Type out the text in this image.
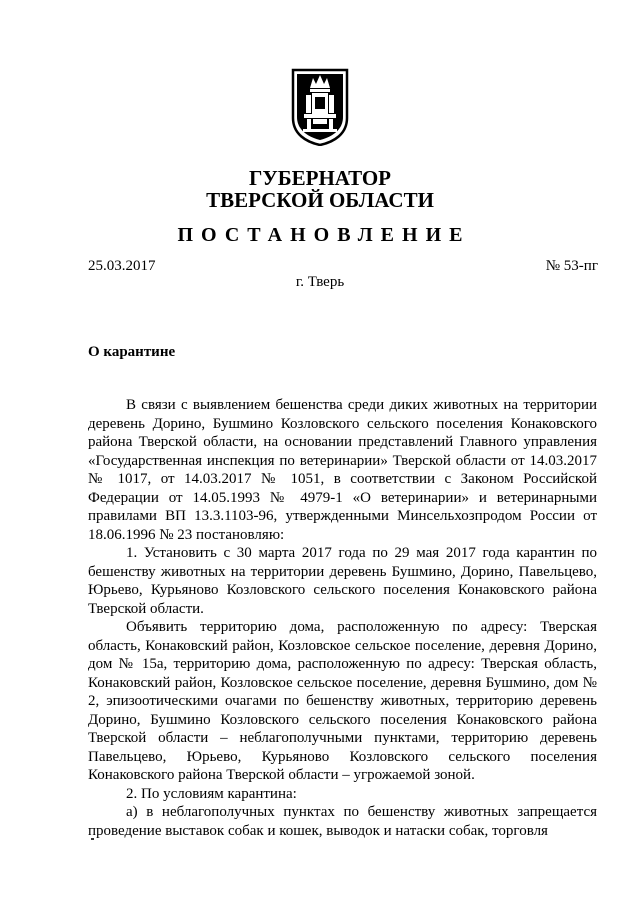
ГУБЕРНАТОР
ТВЕРСКОЙ ОБЛАСТИ
ПОСТАНОВЛЕНИЕ
25.03.2017	№ 53-пг
г. Тверь
О карантине

В связи с выявлением бешенства среди диких животных на территории деревень Дорино, Бушмино Козловского сельского поселения Конаковского района Тверской области, на основании представлений Главного управления «Государственная инспекция по ветеринарии» Тверской области от 14.03.2017 № 1017, от 14.03.2017 № 1051, в соответствии с Законом Российской Федерации от 14.05.1993 № 4979-1 «О ветеринарии» и ветеринарными правилами ВП 13.3.1103-96, утвержденными Минсельхозпродом России от 18.06.1996 № 23 постановляю:

1. Установить с 30 марта 2017 года по 29 мая 2017 года карантин по бешенству животных на территории деревень Бушмино, Дорино, Павельцево, Юрьево, Курьяново Козловского сельского поселения Конаковского района Тверской области.

Объявить территорию дома, расположенную по адресу: Тверская область, Конаковский район, Козловское сельское поселение, деревня Дорино, дом № 15а, территорию дома, расположенную по адресу: Тверская область, Конаковский район, Козловское сельское поселение, деревня Бушмино, дом № 2, эпизоотическими очагами по бешенству животных, территорию деревень Дорино, Бушмино Козловского сельского поселения Конаковского района Тверской области – неблагополучными пунктами, территорию деревень Павельцево, Юрьево, Курьяново Козловского сельского поселения Конаковского района Тверской области – угрожаемой зоной.

2. По условиям карантина:

а) в неблагополучных пунктах по бешенству животных запрещается проведение выставок собак и кошек, выводок и натаски собак, торговля
